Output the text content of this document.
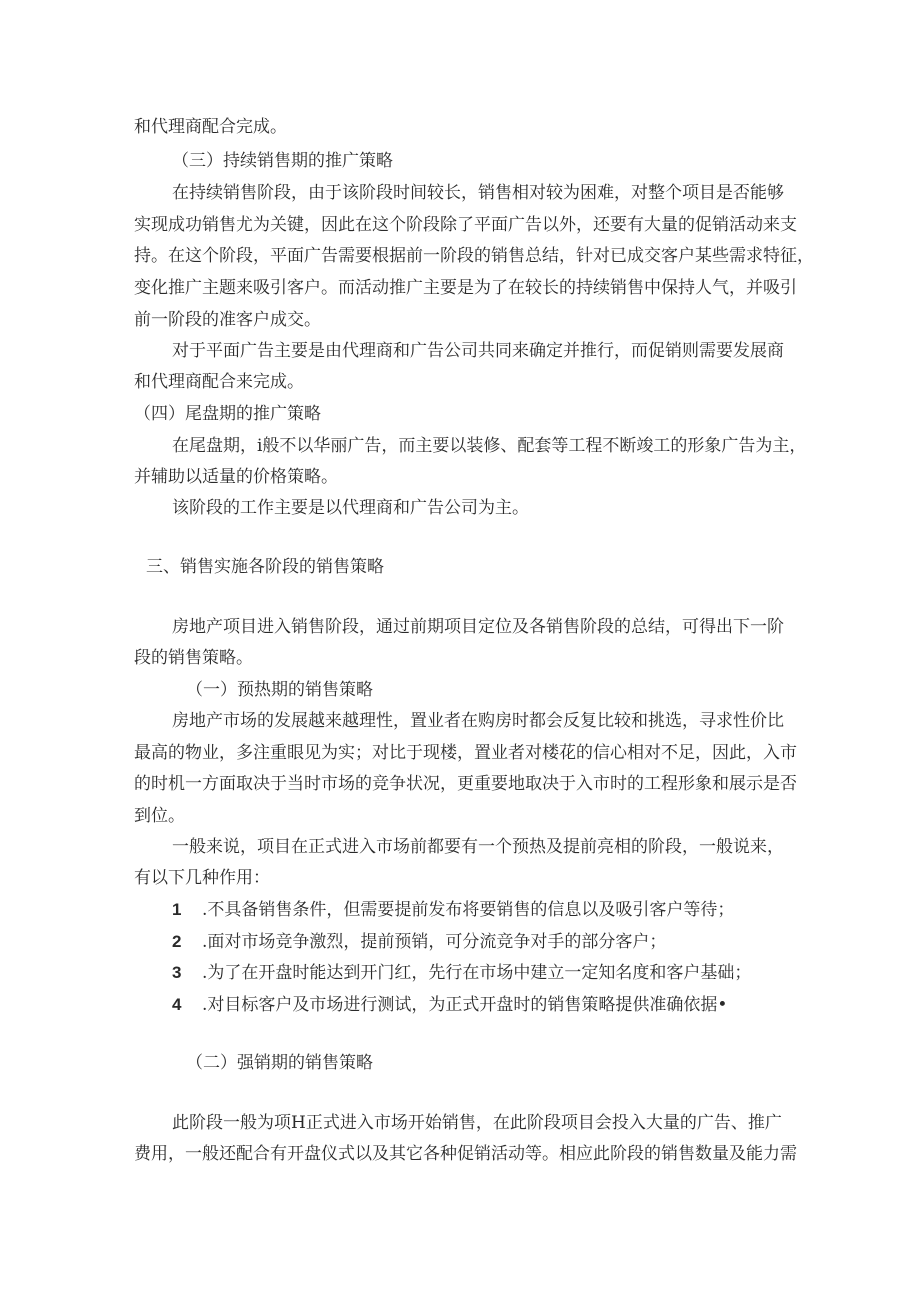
和代理商配合完成。
（三）持续销售期的推广策略
在持续销售阶段，由于该阶段时间较长，销售相对较为困难，对整个项目是否能够
实现成功销售尤为关键，因此在这个阶段除了平面广告以外，还要有大量的促销活动来支
持。在这个阶段，平面广告需要根据前一阶段的销售总结，针对已成交客户某些需求特征，
变化推广主题来吸引客户。而活动推广主要是为了在较长的持续销售中保持人气，并吸引
前一阶段的准客户成交。
对于平面广告主要是由代理商和广告公司共同来确定并推行，而促销则需要发展商
和代理商配合来完成。
（四）尾盘期的推广策略
在尾盘期，i般不以华丽广告，而主要以装修、配套等工程不断竣工的形象广告为主，
并辅助以适量的价格策略。
该阶段的工作主要是以代理商和广告公司为主。
三、销售实施各阶段的销售策略
房地产项目进入销售阶段，通过前期项目定位及各销售阶段的总结，可得出下一阶
段的销售策略。
（一）预热期的销售策略
房地产市场的发展越来越理性，置业者在购房时都会反复比较和挑选，寻求性价比
最高的物业，多注重眼见为实；对比于现楼，置业者对楼花的信心相对不足，因此，入市
的时机一方面取决于当时市场的竞争状况，更重要地取决于入市时的工程形象和展示是否
到位。
一般来说，项目在正式进入市场前都要有一个预热及提前亮相的阶段，一般说来，
有以下几种作用：
1 .不具备销售条件，但需要提前发布将要销售的信息以及吸引客户等待；
2 .面对市场竞争激烈，提前预销，可分流竞争对手的部分客户；
3 .为了在开盘时能达到开门红，先行在市场中建立一定知名度和客户基础；
4 .对目标客户及市场进行测试，为正式开盘时的销售策略提供准确依据•
（二）强销期的销售策略
此阶段一般为项H正式进入市场开始销售，在此阶段项目会投入大量的广告、推广
费用，一般还配合有开盘仪式以及其它各种促销活动等。相应此阶段的销售数量及能力需
